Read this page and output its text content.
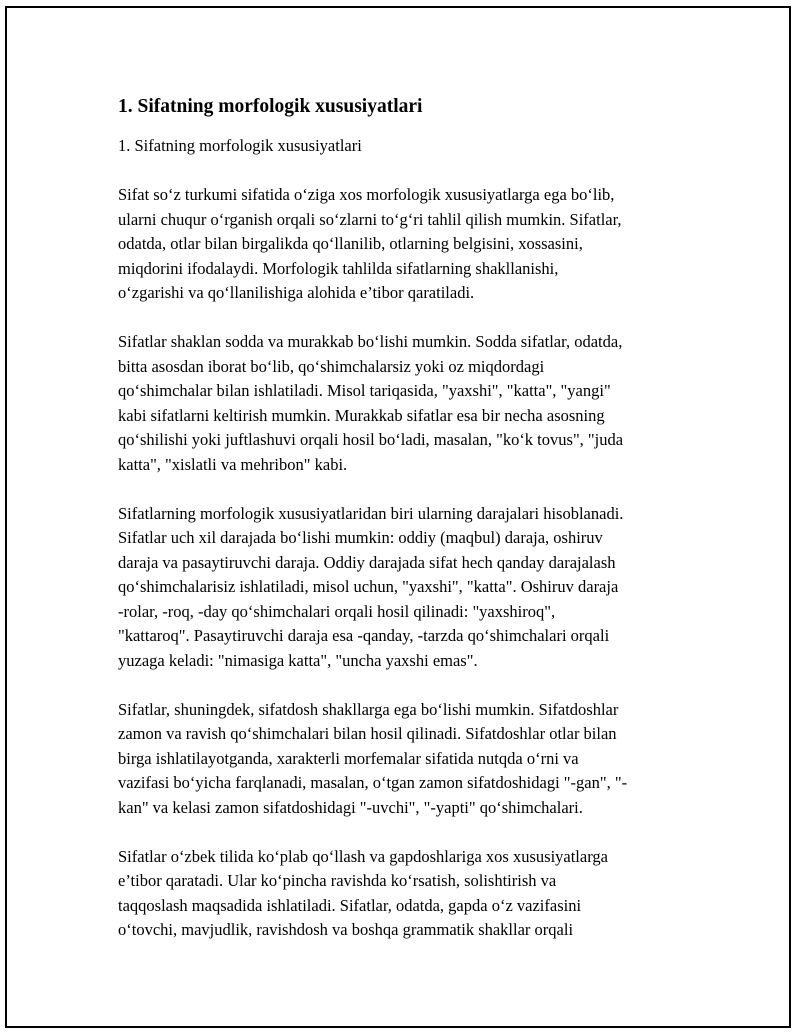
1. Sifatning morfologik xususiyatlari

1. Sifatning morfologik xususiyatlari

Sifat so‘z turkumi sifatida o‘ziga xos morfologik xususiyatlarga ega bo‘lib,
ularni chuqur o‘rganish orqali so‘zlarni to‘g‘ri tahlil qilish mumkin. Sifatlar,
odatda, otlar bilan birgalikda qo‘llanilib, otlarning belgisini, xossasini,
miqdorini ifodalaydi. Morfologik tahlilda sifatlarning shakllanishi,
o‘zgarishi va qo‘llanilishiga alohida e’tibor qaratiladi.

Sifatlar shaklan sodda va murakkab bo‘lishi mumkin. Sodda sifatlar, odatda,
bitta asosdan iborat bo‘lib, qo‘shimchalarsiz yoki oz miqdordagi
qo‘shimchalar bilan ishlatiladi. Misol tariqasida, "yaxshi", "katta", "yangi"
kabi sifatlarni keltirish mumkin. Murakkab sifatlar esa bir necha asosning
qo‘shilishi yoki juftlashuvi orqali hosil bo‘ladi, masalan, "ko‘k tovus", "juda
katta", "xislatli va mehribon" kabi.

Sifatlarning morfologik xususiyatlaridan biri ularning darajalari hisoblanadi.
Sifatlar uch xil darajada bo‘lishi mumkin: oddiy (maqbul) daraja, oshiruv
daraja va pasaytiruvchi daraja. Oddiy darajada sifat hech qanday darajalash
qo‘shimchalarisiz ishlatiladi, misol uchun, "yaxshi", "katta". Oshiruv daraja
-rolar, -roq, -day qo‘shimchalari orqali hosil qilinadi: "yaxshiroq",
"kattaroq". Pasaytiruvchi daraja esa -qanday, -tarzda qo‘shimchalari orqali
yuzaga keladi: "nimasiga katta", "uncha yaxshi emas".

Sifatlar, shuningdek, sifatdosh shakllarga ega bo‘lishi mumkin. Sifatdoshlar
zamon va ravish qo‘shimchalari bilan hosil qilinadi. Sifatdoshlar otlar bilan
birga ishlatilayotganda, xarakterli morfemalar sifatida nutqda o‘rni va
vazifasi bo‘yicha farqlanadi, masalan, o‘tgan zamon sifatdoshidagi "-gan", "-
kan" va kelasi zamon sifatdoshidagi "-uvchi", "-yapti" qo‘shimchalari.

Sifatlar o‘zbek tilida ko‘plab qo‘llash va gapdoshlariga xos xususiyatlarga
e’tibor qaratadi. Ular ko‘pincha ravishda ko‘rsatish, solishtirish va
taqqoslash maqsadida ishlatiladi. Sifatlar, odatda, gapda o‘z vazifasini
o‘tovchi, mavjudlik, ravishdosh va boshqa grammatik shakllar orqali
